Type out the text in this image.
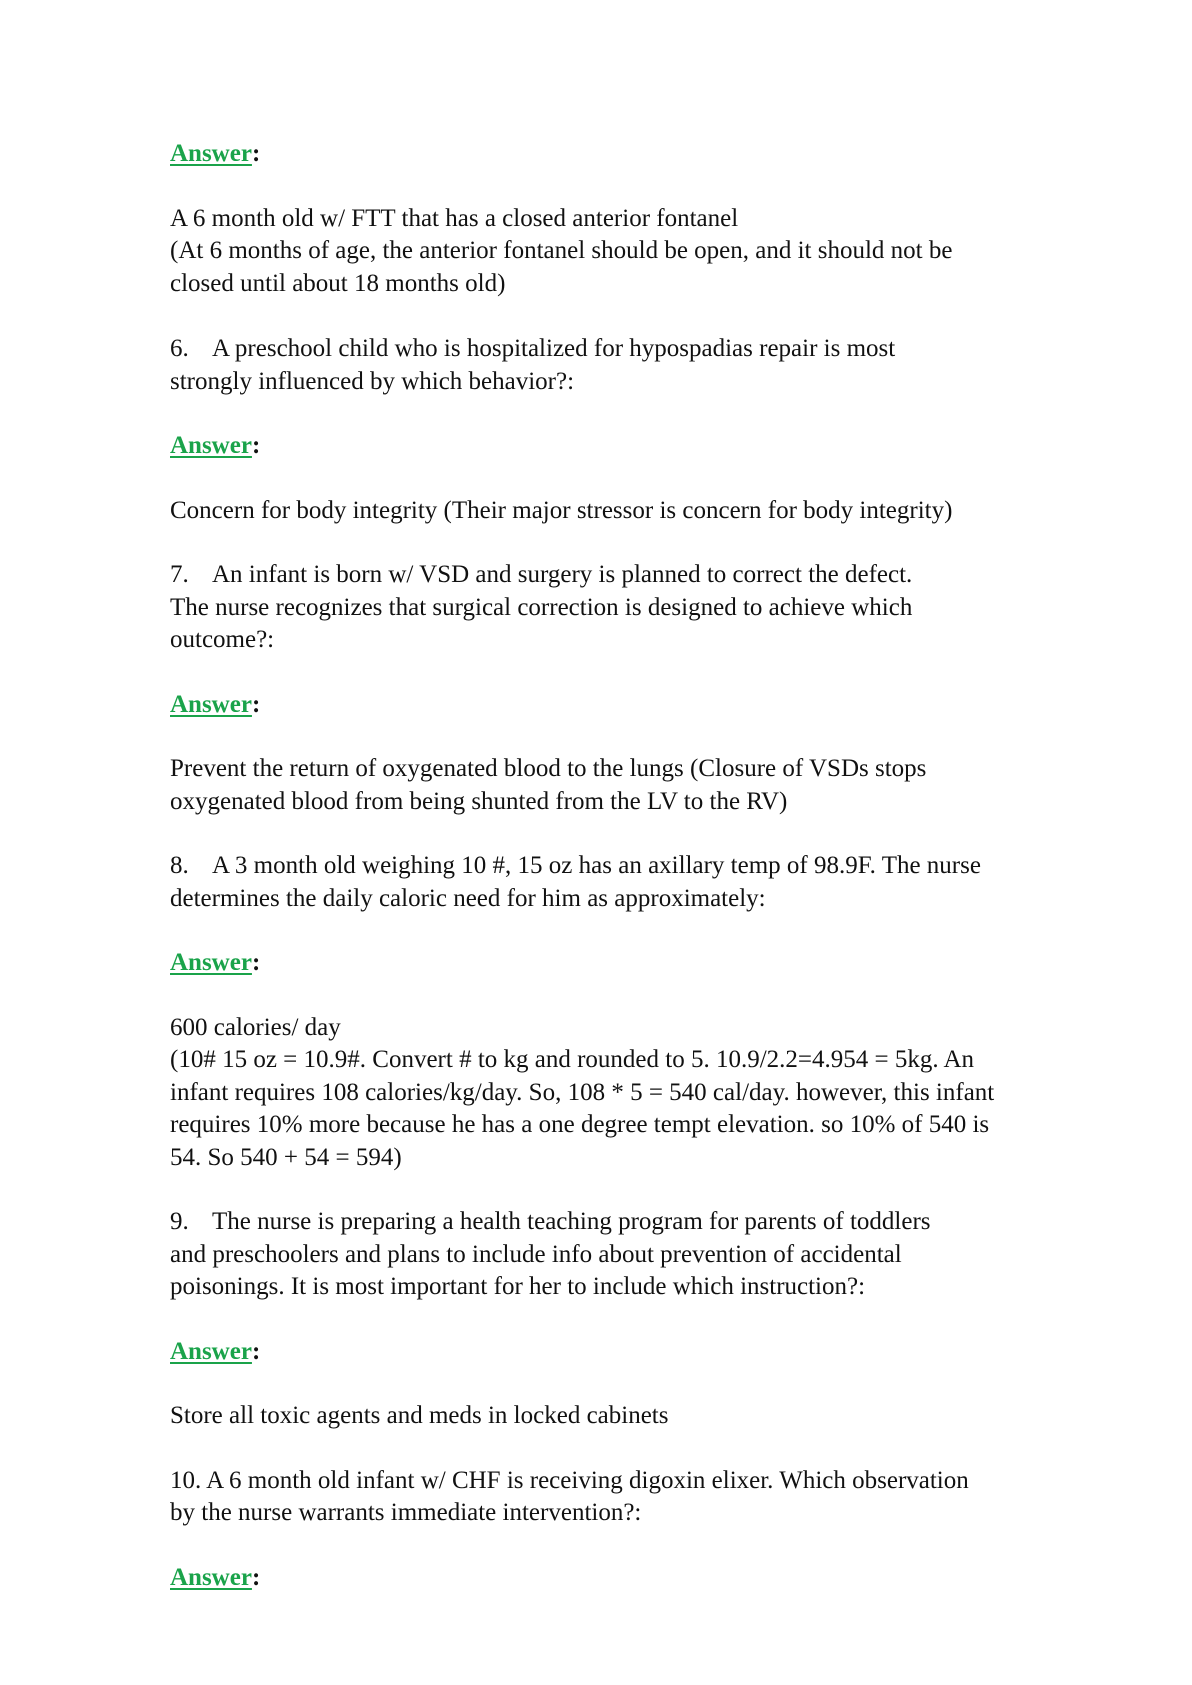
Answer:

A 6 month old w/ FTT that has a closed anterior fontanel
(At 6 months of age, the anterior fontanel should be open, and it should not be
closed until about 18 months old)

6. A preschool child who is hospitalized for hypospadias repair is most
strongly influenced by which behavior?:

Answer:

Concern for body integrity (Their major stressor is concern for body integrity)

7. An infant is born w/ VSD and surgery is planned to correct the defect.
The nurse recognizes that surgical correction is designed to achieve which
outcome?:

Answer:

Prevent the return of oxygenated blood to the lungs (Closure of VSDs stops
oxygenated blood from being shunted from the LV to the RV)

8. A 3 month old weighing 10 #, 15 oz has an axillary temp of 98.9F. The nurse
determines the daily caloric need for him as approximately:

Answer:

600 calories/ day
(10# 15 oz = 10.9#. Convert # to kg and rounded to 5. 10.9/2.2=4.954 = 5kg. An
infant requires 108 calories/kg/day. So, 108 * 5 = 540 cal/day. however, this infant
requires 10% more because he has a one degree tempt elevation. so 10% of 540 is
54. So 540 + 54 = 594)

9. The nurse is preparing a health teaching program for parents of toddlers
and preschoolers and plans to include info about prevention of accidental
poisonings. It is most important for her to include which instruction?:

Answer:

Store all toxic agents and meds in locked cabinets

10. A 6 month old infant w/ CHF is receiving digoxin elixer. Which observation
by the nurse warrants immediate intervention?:

Answer:
